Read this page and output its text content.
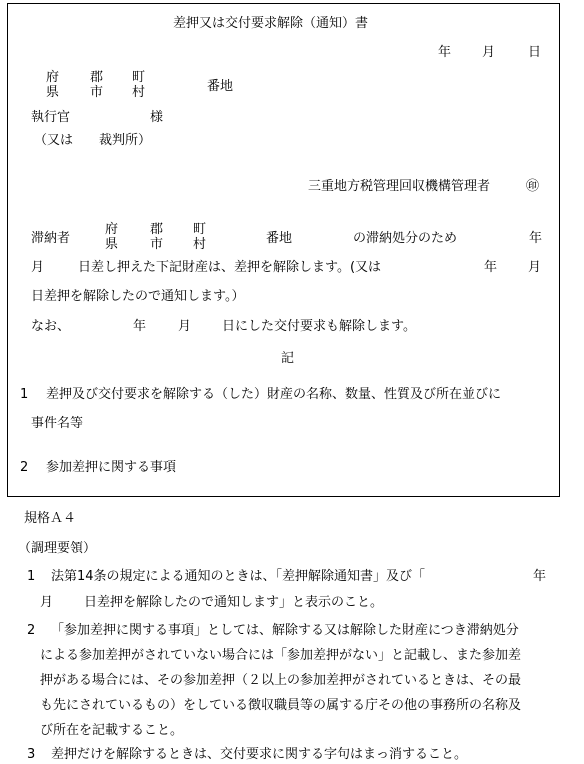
差押又は交付要求解除（通知）書
年 月	日
府
県
郡
市
町
村	番地
執行官	様
（又は　　裁判所）
三重地方税管理回収機構管理者	㊞
滞納者
府
県
郡
市
町
村	番地	の滞納処分のため	年
月	日差し押えた下記財産は、差押を解除します。(又は	年 月
日差押を解除したので通知します。）
なお、	年 月 日にした交付要求も解除します。
記
1 差押及び交付要求を解除する（した）財産の名称、数量、性質及び所在並びに
事件名等
2 参加差押に関する事項
規格Ａ４
（調理要領）
1 法第14条の規定による通知のときは、「差押解除通知書」及び「	年
月 日差押を解除したので通知します」と表示のこと。
2 「参加差押に関する事項」としては、解除する又は解除した財産につき滞納処分
による参加差押がされていない場合には「参加差押がない」と記載し、また参加差
押がある場合には、その参加差押（２以上の参加差押がされているときは、その最
も先にされているもの）をしている徴収職員等の属する庁その他の事務所の名称及
び所在を記載すること。
3 差押だけを解除するときは、交付要求に関する字句はまっ消すること。
